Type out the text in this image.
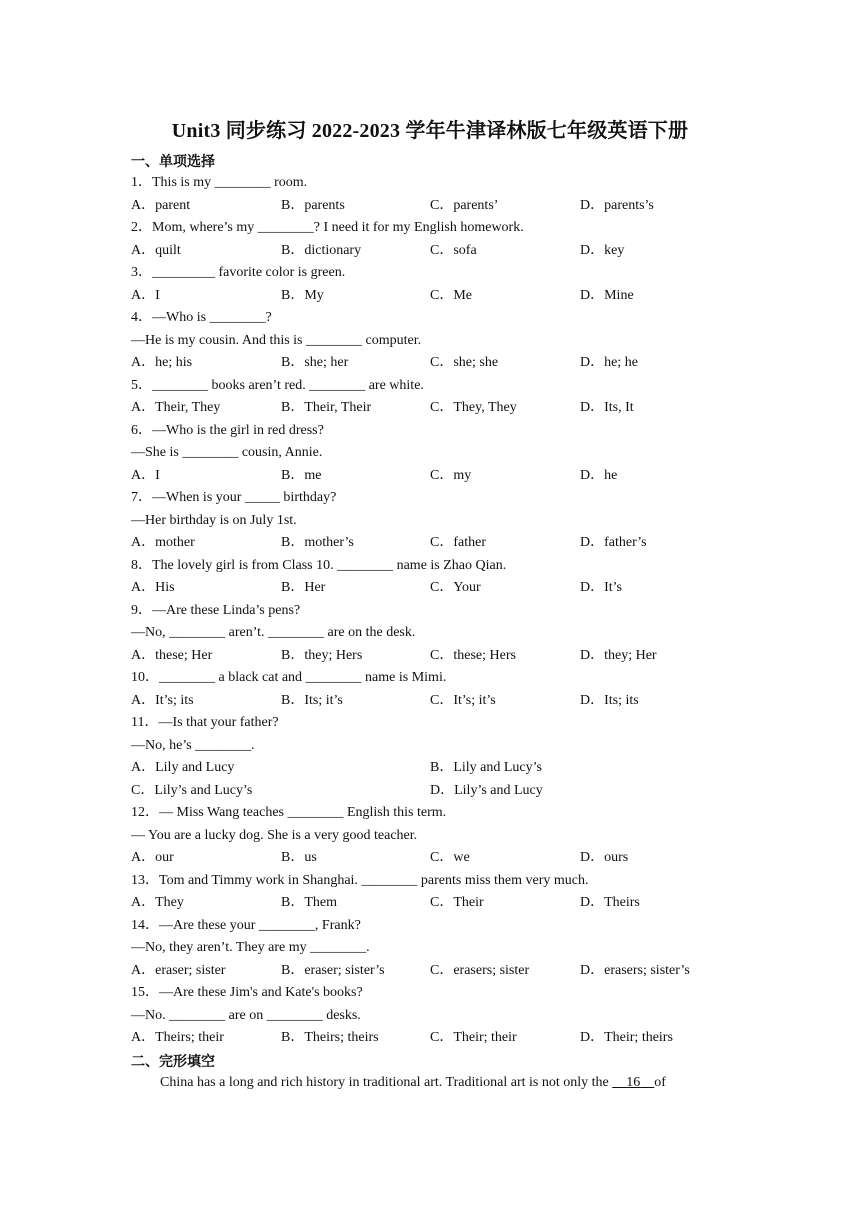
Unit3 同步练习 2022-2023 学年牛津译林版七年级英语下册
一、单项选择
1．This is my ________ room.
A．parent	B．parents	C．parents’	D．parents’s
2．Mom, where’s my ________? I need it for my English homework.
A．quilt	B．dictionary	C．sofa	D．key
3．_________ favorite color is green.
A．I	B．My	C．Me	D．Mine
4．—Who is ________?
—He is my cousin. And this is ________ computer.
A．he; his	B．she; her	C．she; she	D．he; he
5．________ books aren’t red. ________ are white.
A．Their, They	B．Their, Their	C．They, They	D．Its, It
6．—Who is the girl in red dress?
—She is ________ cousin, Annie.
A．I	B．me	C．my	D．he
7．—When is your _____ birthday?
—Her birthday is on July 1st.
A．mother	B．mother’s	C．father	D．father’s
8．The lovely girl is from Class 10. ________ name is Zhao Qian.
A．His	B．Her	C．Your	D．It’s
9．—Are these Linda’s pens?
—No, ________ aren’t. ________ are on the desk.
A．these; Her	B．they; Hers	C．these; Hers	D．they; Her
10．________ a black cat and ________ name is Mimi.
A．It’s; its	B．Its; it’s	C．It’s; it’s	D．Its; its
11．—Is that your father?
—No, he’s ________.
A．Lily and Lucy	B．Lily and Lucy’s
C．Lily’s and Lucy’s	D．Lily’s and Lucy
12．— Miss Wang teaches ________ English this term.
— You are a lucky dog. She is a very good teacher.
A．our	B．us	C．we	D．ours
13．Tom and Timmy work in Shanghai. ________ parents miss them very much.
A．They	B．Them	C．Their	D．Theirs
14．—Are these your ________, Frank?
—No, they aren’t. They are my ________.
A．eraser; sister	B．eraser; sister’s	C．erasers; sister	D．erasers; sister’s
15．—Are these Jim's and Kate's books?
—No. ________ are on ________ desks.
A．Theirs; their	B．Theirs; theirs	C．Their; their	D．Their; theirs
二、完形填空
China has a long and rich history in traditional art. Traditional art is not only the     16 of
